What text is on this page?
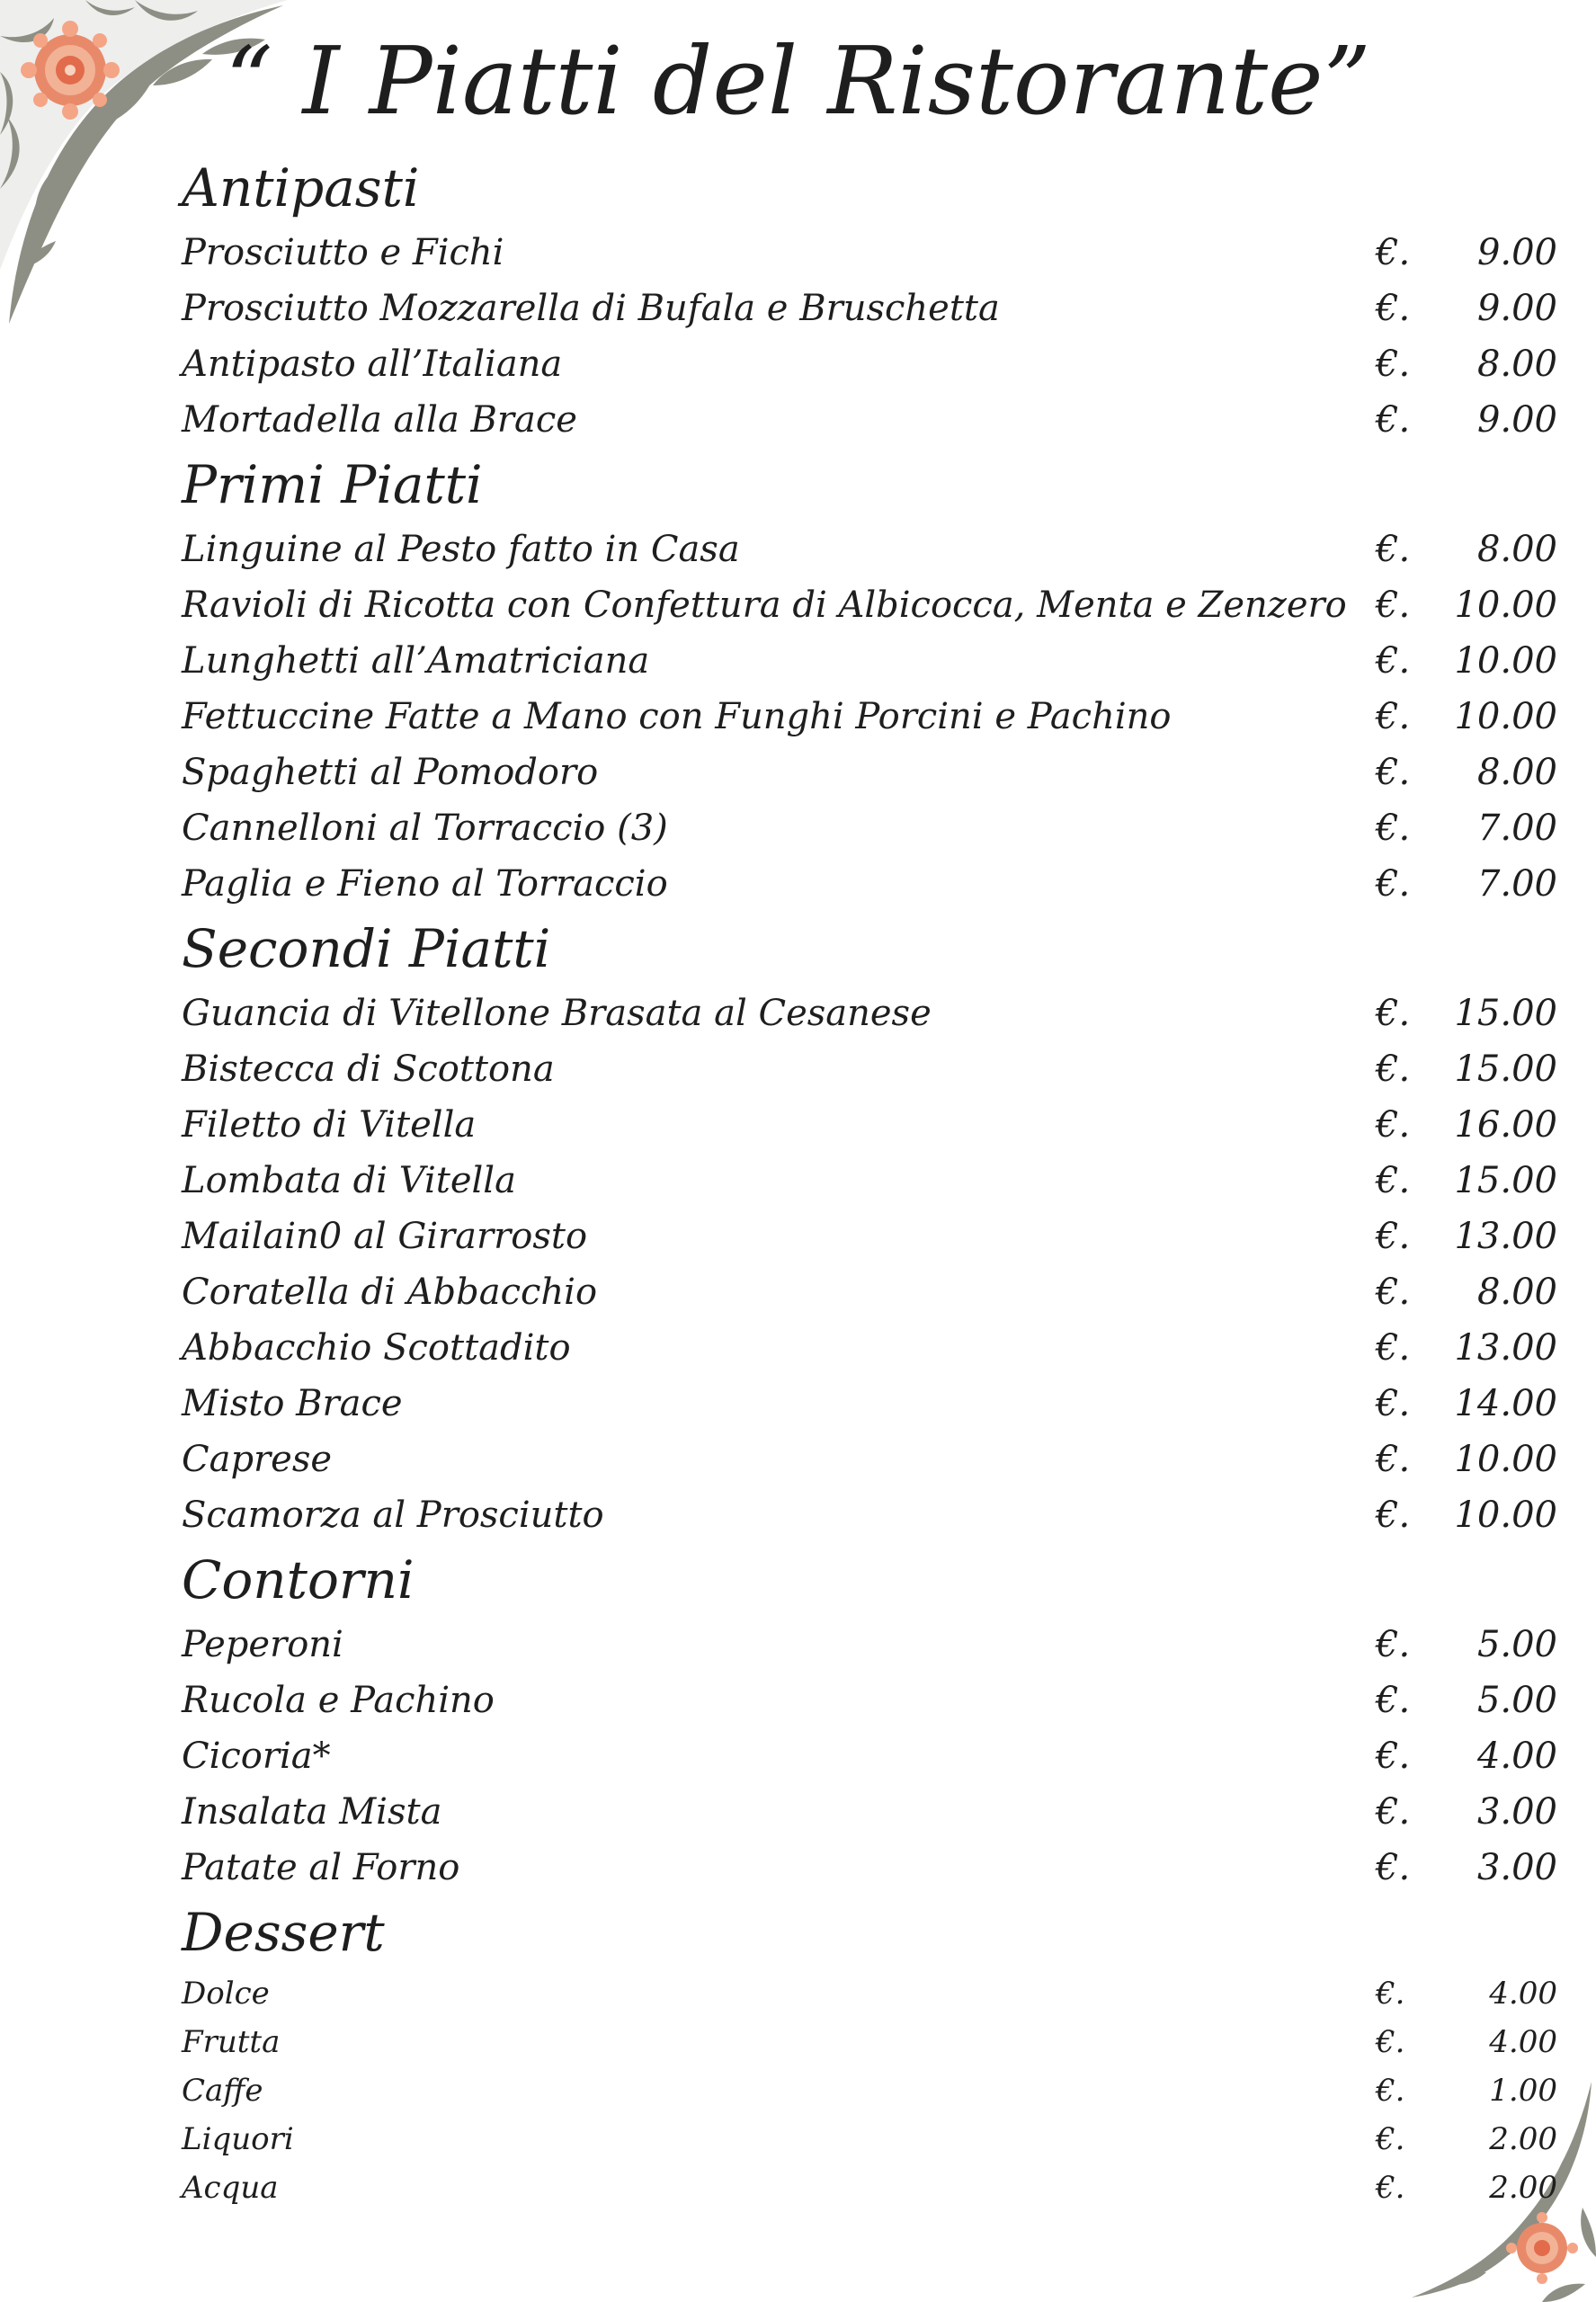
“ I Piatti del Ristorante”
Antipasti
Prosciutto e Fichi	€.	9.00
Prosciutto Mozzarella di Bufala e Bruschetta	€.	9.00
Antipasto all’Italiana	€.	8.00
Mortadella alla Brace	€.	9.00
Primi Piatti
Linguine al Pesto fatto in Casa	€.	8.00
Ravioli di Ricotta con Confettura di Albicocca, Menta e Zenzero €.	10.00
Lunghetti all’Amatriciana	€.	10.00
Fettuccine Fatte a Mano con Funghi Porcini e Pachino	€.	10.00
Spaghetti al Pomodoro	€.	8.00
Cannelloni al Torraccio (3)	€.	7.00
Paglia e Fieno al Torraccio	€.	7.00
Secondi Piatti
Guancia di Vitellone Brasata al Cesanese	€.	15.00
Bistecca di Scottona	€.	15.00
Filetto di Vitella	€.	16.00
Lombata di Vitella	€.	15.00
Mailain0 al Girarrosto	€.	13.00
Coratella di Abbacchio	€.	8.00
Abbacchio Scottadito	€.	13.00
Misto Brace	€.	14.00
Caprese	€.	10.00
Scamorza al Prosciutto	€.	10.00
Contorni
Peperoni	€.	5.00
Rucola e Pachino	€.	5.00
Cicoria*	€.	4.00
Insalata Mista	€.	3.00
Patate al Forno	€.	3.00
Dessert
Dolce	€.	4.00
Frutta	€.	4.00
Caffe	€.	1.00
Liquori	€.	2.00
Acqua	€.	2.00
